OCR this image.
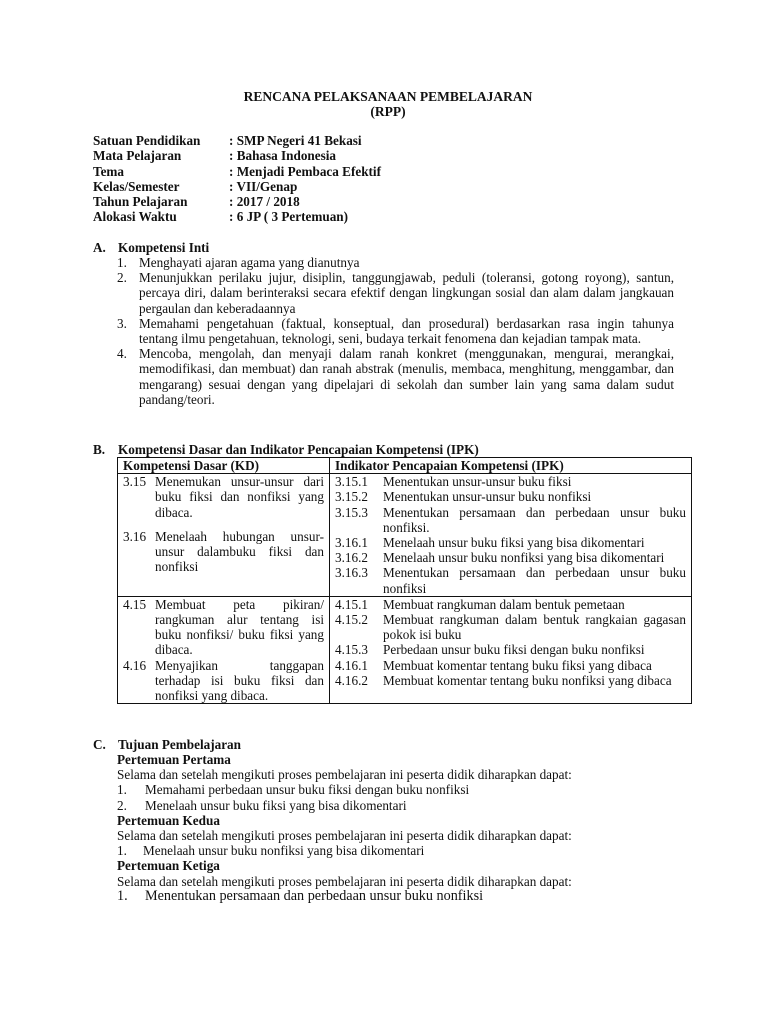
RENCANA PELAKSANAAN PEMBELAJARAN
(RPP)
Satuan Pendidikan	: SMP Negeri 41 Bekasi
Mata Pelajaran	: Bahasa Indonesia
Tema	: Menjadi Pembaca Efektif
Kelas/Semester	: VII/Genap
Tahun Pelajaran	: 2017 / 2018
Alokasi Waktu	: 6 JP ( 3 Pertemuan)
A. Kompetensi Inti
1. Menghayati ajaran agama yang dianutnya
2. Menunjukkan perilaku jujur, disiplin, tanggungjawab, peduli (toleransi, gotong royong), santun, percaya diri, dalam berinteraksi secara efektif dengan lingkungan sosial dan alam dalam jangkauan pergaulan dan keberadaannya
3. Memahami pengetahuan (faktual, konseptual, dan prosedural) berdasarkan rasa ingin tahunya tentang ilmu pengetahuan, teknologi, seni, budaya terkait fenomena dan kejadian tampak mata.
4. Mencoba, mengolah, dan menyaji dalam ranah konkret (menggunakan, mengurai, merangkai, memodifikasi, dan membuat) dan ranah abstrak (menulis, membaca, menghitung, menggambar, dan mengarang) sesuai dengan yang dipelajari di sekolah dan sumber lain yang sama dalam sudut pandang/teori.
B. Kompetensi Dasar dan Indikator Pencapaian Kompetensi (IPK)
Kompetensi Dasar (KD)	Indikator Pencapaian Kompetensi (IPK)

3.15 Menemukan unsur-unsur dari buku fiksi dan nonfiksi yang dibaca.
3.16 Menelaah hubungan unsur-unsur dalambuku fiksi dan nonfiksi

3.15.1	Menentukan unsur-unsur buku fiksi
3.15.2	Menentukan unsur-unsur buku nonfiksi
3.15.3	Menentukan persamaan dan perbedaan unsur buku nonfiksi.
3.16.1	Menelaah unsur buku fiksi yang bisa dikomentari
3.16.2	Menelaah unsur buku nonfiksi yang bisa dikomentari
3.16.3	Menentukan persamaan dan perbedaan unsur buku nonfiksi

4.15 Membuat peta pikiran/ rangkuman alur tentang isi buku nonfiksi/ buku fiksi yang dibaca.
4.16 Menyajikan tanggapan terhadap isi buku fiksi dan nonfiksi yang dibaca.

4.15.1	Membuat rangkuman dalam bentuk pemetaan
4.15.2	Membuat rangkuman dalam bentuk rangkaian gagasan pokok isi buku
4.15.3	Perbedaan unsur buku fiksi dengan buku nonfiksi
4.16.1	Membuat komentar tentang buku fiksi yang dibaca
4.16.2	Membuat komentar tentang buku nonfiksi yang dibaca
C. Tujuan Pembelajaran
Pertemuan Pertama
Selama dan setelah mengikuti proses pembelajaran ini peserta didik diharapkan dapat:
1.	Memahami perbedaan unsur buku fiksi dengan buku nonfiksi
2.	Menelaah unsur buku fiksi yang bisa dikomentari
Pertemuan Kedua
Selama dan setelah mengikuti proses pembelajaran ini peserta didik diharapkan dapat:
1.	Menelaah unsur buku nonfiksi yang bisa dikomentari
Pertemuan Ketiga
Selama dan setelah mengikuti proses pembelajaran ini peserta didik diharapkan dapat:
1.	Menentukan persamaan dan perbedaan unsur buku nonfiksi
